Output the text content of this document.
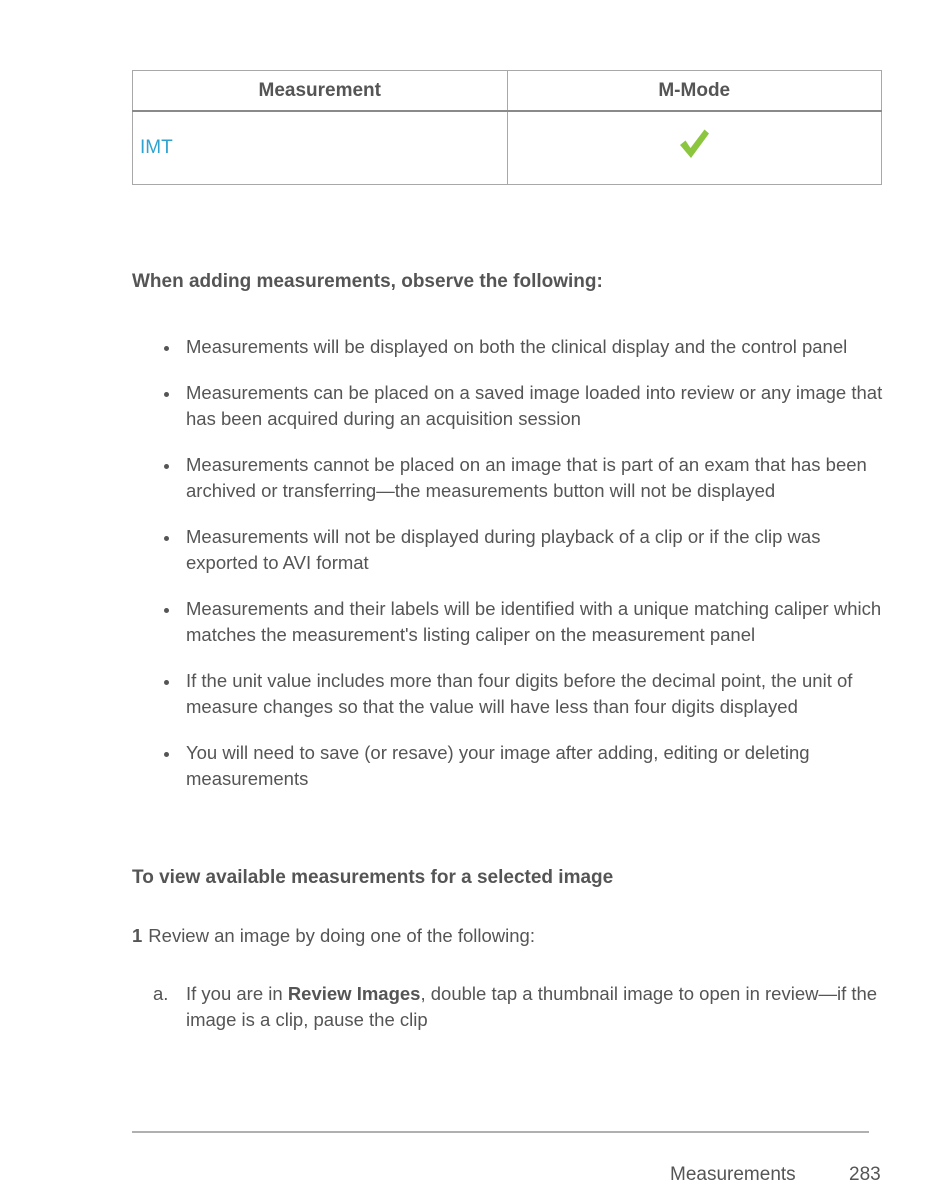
Measurement	M-Mode
IMT	
When adding measurements, observe the following:
Measurements will be displayed on both the clinical display and the control panel
Measurements can be placed on a saved image loaded into review or any image that has been acquired during an acquisition session
Measurements cannot be placed on an image that is part of an exam that has been archived or transferring—the measurements button will not be displayed
Measurements will not be displayed during playback of a clip or if the clip was exported to AVI format
Measurements and their labels will be identified with a unique matching caliper which matches the measurement's listing caliper on the measurement panel
If the unit value includes more than four digits before the decimal point, the unit of measure changes so that the value will have less than four digits displayed
You will need to save (or resave) your image after adding, editing or deleting measurements
To view available measurements for a selected image
1 Review an image by doing one of the following:
a. If you are in Review Images, double tap a thumbnail image to open in review—if the image is a clip, pause the clip
Measurements	283
